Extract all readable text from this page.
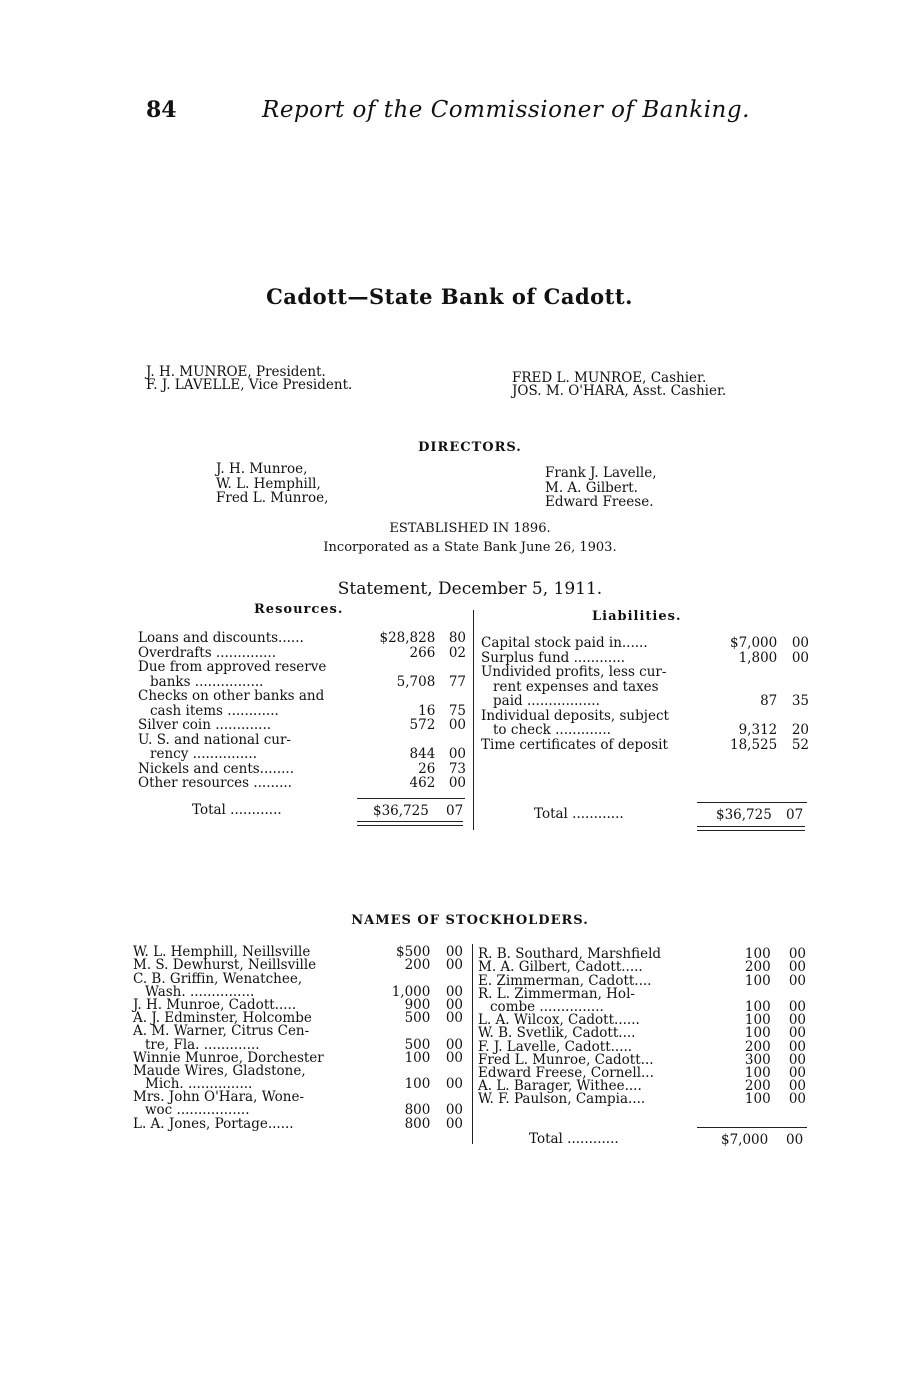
84	Report of the Commissioner of Banking.
Cadott—State Bank of Cadott.
J. H. MUNROE, President.
F. J. LAVELLE, Vice President.	FRED L. MUNROE, Cashier.
JOS. M. O'HARA, Asst. Cashier.
DIRECTORS.
J. H. Munroe,
W. L. Hemphill,
Fred L. Munroe,
Frank J. Lavelle,
M. A. Gilbert.
Edward Freese.
ESTABLISHED IN 1896.
Incorporated as a State Bank June 26, 1903.
Statement, December 5, 1911.
Resources.	Liabilities.
Loans and discounts......	$28,828	80
Overdrafts ..............	266	02
Due from approved reserve		
banks ................	5,708	77
Checks on other banks and		
cash items ............	16	75
Silver coin .............	572	00
U. S. and national cur-		
rency ...............	844	00
Nickels and cents........	26	73
Other resources .........	462	00
Capital stock paid in......	$7,000	00
Surplus fund ............	1,800	00
Undivided profits, less cur-		
rent expenses and taxes		
paid .................	87	35
Individual deposits, subject		
to check .............	9,312	20
Time certificates of deposit	18,525	52
Total ............	$36,725 07	Total ............	$36,725 07
NAMES OF STOCKHOLDERS.
W. L. Hemphill, Neillsville	$500	00
M. S. Dewhurst, Neillsville	200	00
C. B. Griffin, Wenatchee,		
Wash. ...............	1,000	00
J. H. Munroe, Cadott.....	900	00
A. J. Edminster, Holcombe	500	00
A. M. Warner, Citrus Cen-		
tre, Fla. .............	500	00
Winnie Munroe, Dorchester	100	00
Maude Wires, Gladstone,		
Mich. ...............	100	00
Mrs. John O'Hara, Wone-		
woc .................	800	00
L. A. Jones, Portage......	800	00
R. B. Southard, Marshfield	100	00
M. A. Gilbert, Cadott.....	200	00
E. Zimmerman, Cadott....	100	00
R. L. Zimmerman, Hol-		
combe ...............	100	00
L. A. Wilcox, Cadott......	100	00
W. B. Svetlik, Cadott....	100	00
F. J. Lavelle, Cadott.....	200	00
Fred L. Munroe, Cadott...	300	00
Edward Freese, Cornell...	100	00
A. L. Barager, Withee....	200	00
W. F. Paulson, Campia....	100	00
Total ............	$7,000 00
